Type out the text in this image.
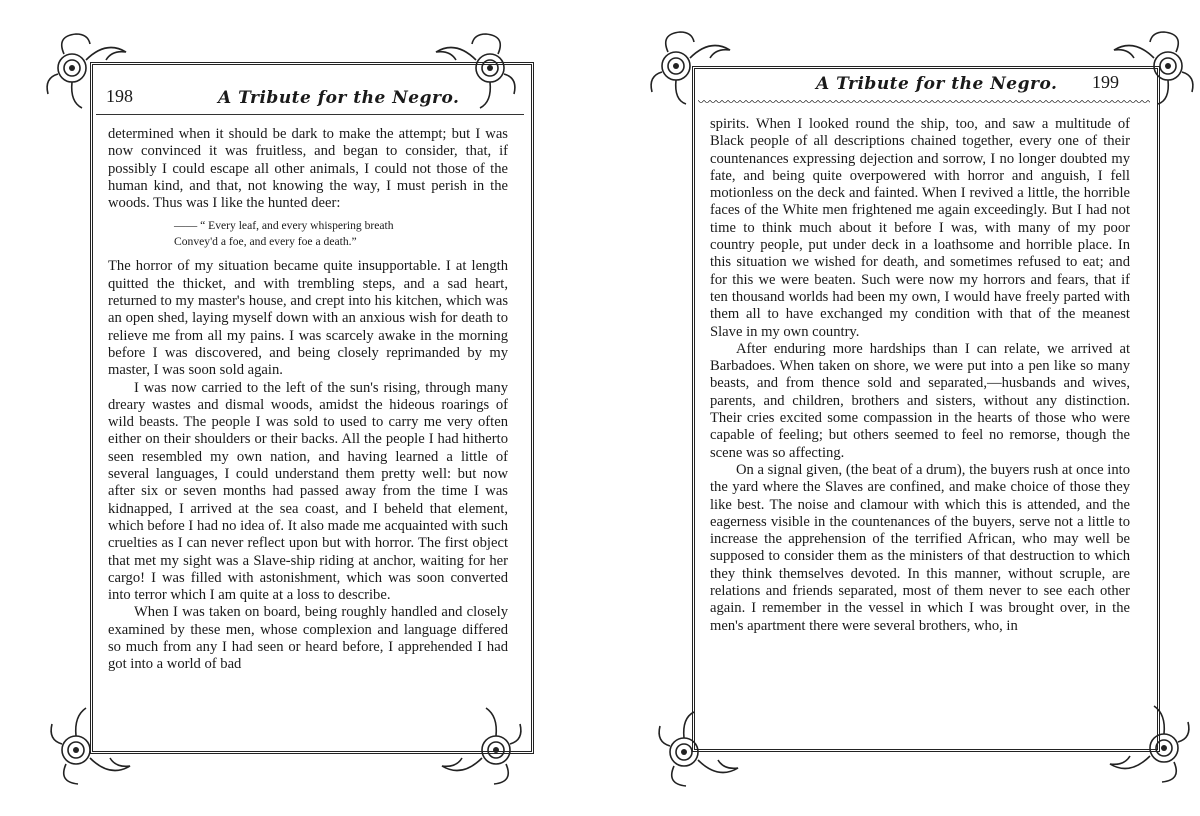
198	A Tribute for the Negro.

determined when it should be dark to make the attempt; but I was now convinced it was fruitless, and began to consider, that, if possibly I could escape all other animals, I could not those of the human kind, and that, not knowing the way, I must perish in the woods. Thus was I like the hunted deer:

—— “ Every leaf, and every whispering breath
Convey'd a foe, and every foe a death.”

The horror of my situation became quite insupportable. I at length quitted the thicket, and with trembling steps, and a sad heart, returned to my master's house, and crept into his kitchen, which was an open shed, laying myself down with an anxious wish for death to relieve me from all my pains. I was scarcely awake in the morning before I was discovered, and being closely reprimanded by my master, I was soon sold again.

I was now carried to the left of the sun's rising, through many dreary wastes and dismal woods, amidst the hideous roarings of wild beasts. The people I was sold to used to carry me very often either on their shoulders or their backs. All the people I had hitherto seen resembled my own nation, and having learned a little of several languages, I could understand them pretty well: but now after six or seven months had passed away from the time I was kidnapped, I arrived at the sea coast, and I beheld that element, which before I had no idea of. It also made me acquainted with such cruelties as I can never reflect upon but with horror. The first object that met my sight was a Slave-ship riding at anchor, waiting for her cargo! I was filled with astonishment, which was soon converted into terror which I am quite at a loss to describe.

When I was taken on board, being roughly handled and closely examined by these men, whose complexion and language differed so much from any I had seen or heard before, I apprehended I had got into a world of bad

A Tribute for the Negro. 199

spirits. When I looked round the ship, too, and saw a multitude of Black people of all descriptions chained together, every one of their countenances expressing dejection and sorrow, I no longer doubted my fate, and being quite overpowered with horror and anguish, I fell motionless on the deck and fainted. When I revived a little, the horrible faces of the White men frightened me again exceedingly. But I had not time to think much about it before I was, with many of my poor country people, put under deck in a loathsome and horrible place. In this situation we wished for death, and sometimes refused to eat; and for this we were beaten. Such were now my horrors and fears, that if ten thousand worlds had been my own, I would have freely parted with them all to have exchanged my condition with that of the meanest Slave in my own country.

After enduring more hardships than I can relate, we arrived at Barbadoes. When taken on shore, we were put into a pen like so many beasts, and from thence sold and separated,—husbands and wives, parents, and children, brothers and sisters, without any distinction. Their cries excited some compassion in the hearts of those who were capable of feeling; but others seemed to feel no remorse, though the scene was so affecting.

On a signal given, (the beat of a drum), the buyers rush at once into the yard where the Slaves are confined, and make choice of those they like best. The noise and clamour with which this is attended, and the eagerness visible in the countenances of the buyers, serve not a little to increase the apprehension of the terrified African, who may well be supposed to consider them as the ministers of that destruction to which they think themselves devoted. In this manner, without scruple, are relations and friends separated, most of them never to see each other again. I remember in the vessel in which I was brought over, in the men's apartment there were several brothers, who, in
